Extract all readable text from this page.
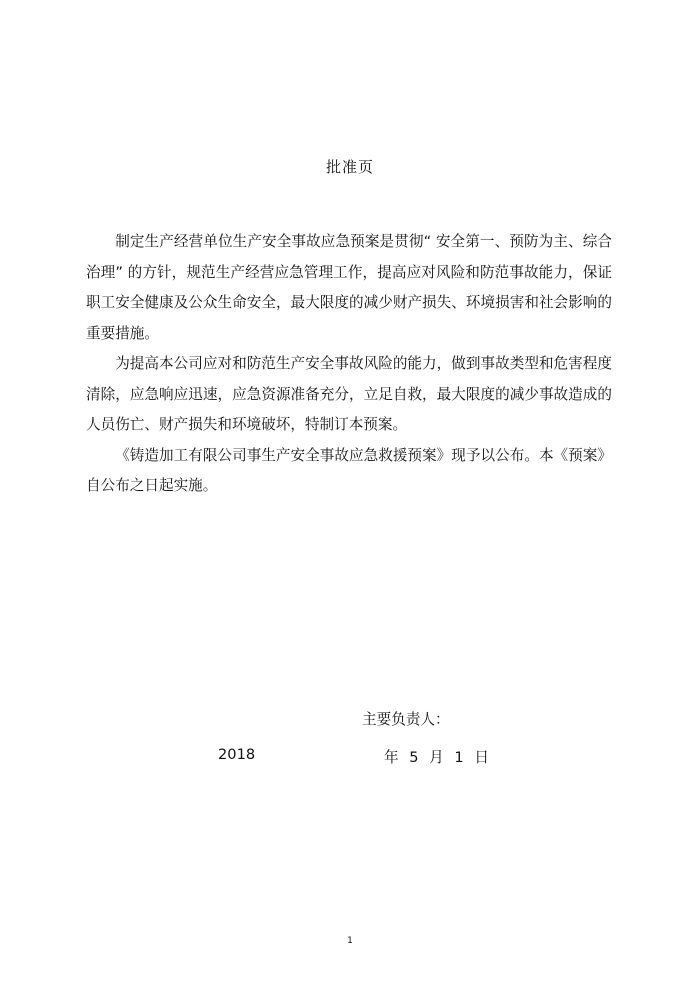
批准页

制定生产经营单位生产安全事故应急预案是贯彻“ 安全第一、预防为主、综合治理” 的方针，规范生产经营应急管理工作，提高应对风险和防范事故能力，保证职工安全健康及公众生命安全，最大限度的减少财产损失、环境损害和社会影响的重要措施。

为提高本公司应对和防范生产安全事故风险的能力，做到事故类型和危害程度清除，应急响应迅速，应急资源准备充分，立足自救，最大限度的减少事故造成的人员伤亡、财产损失和环境破坏，特制订本预案。

《铸造加工有限公司事生产安全事故应急救援预案》现予以公布。本《预案》自公布之日起实施。

主要负责人：
2018	年 5 月 1 日
1
